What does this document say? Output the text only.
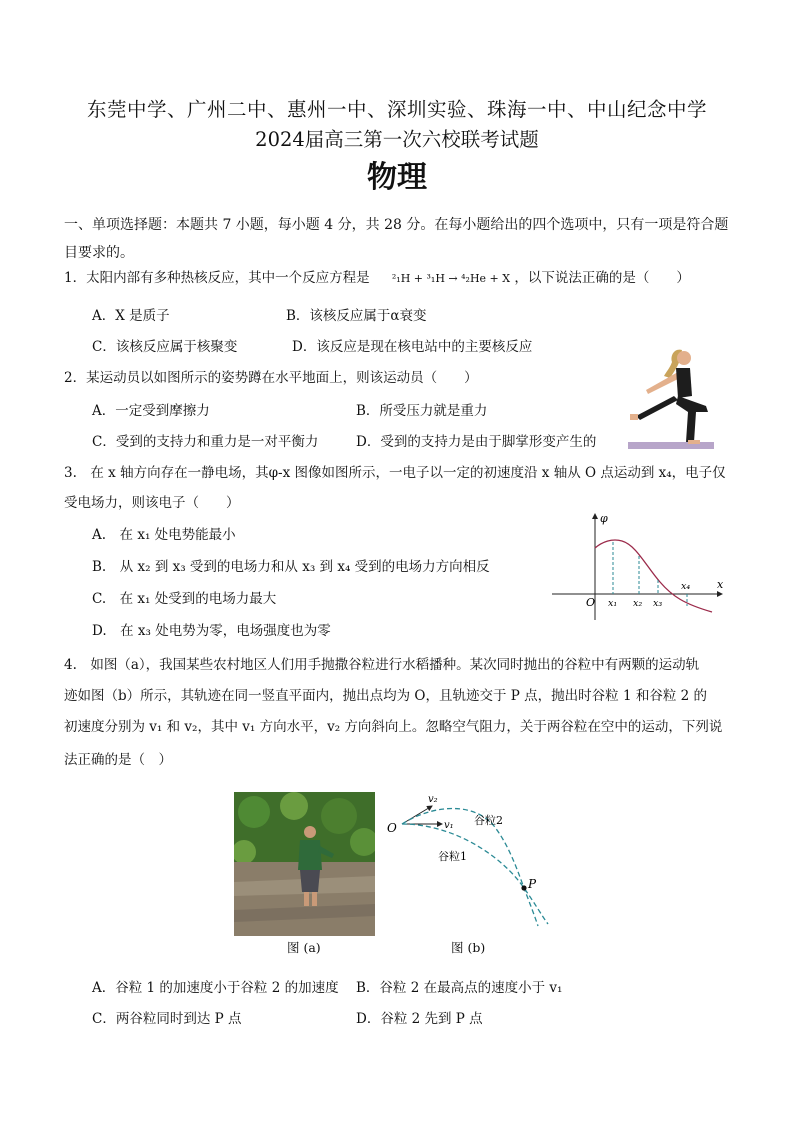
东莞中学、广州二中、惠州一中、深圳实验、珠海一中、中山纪念中学
2024届高三第一次六校联考试题
物理
一、单项选择题：本题共 7 小题，每小题 4 分，共 28 分。在每小题给出的四个选项中，只有一项是符合题目要求的。
1．太阳内部有多种热核反应，其中一个反应方程是 ²₁H + ³₁H → ⁴₂He + X ，以下说法正确的是（　　）
A．X 是质子	B．该核反应属于α衰变
C．该核反应属于核聚变	D．该反应是现在核电站中的主要核反应
2．某运动员以如图所示的姿势蹲在水平地面上，则该运动员（　　）
A．一定受到摩擦力	B．所受压力就是重力
C．受到的支持力和重力是一对平衡力	D．受到的支持力是由于脚掌形变产生的
3.　在 x 轴方向存在一静电场，其φ-x 图像如图所示，一电子以一定的初速度沿 x 轴从 O 点运动到 x₄，电子仅
受电场力，则该电子（　　）
A.　在 x₁ 处电势能最小
B.　从 x₂ 到 x₃ 受到的电场力和从 x₃ 到 x₄ 受到的电场力方向相反
C.　在 x₁ 处受到的电场力最大
D.　在 x₃ 处电势为零，电场强度也为零
φ
x
O x₁ x₂ x₃
x₄
4.　如图（a），我国某些农村地区人们用手抛撒谷粒进行水稻播种。某次同时抛出的谷粒中有两颗的运动轨
迹如图（b）所示，其轨迹在同一竖直平面内，抛出点均为 O，且轨迹交于 P 点，抛出时谷粒 1 和谷粒 2 的
初速度分别为 v₁ 和 v₂，其中 v₁ 方向水平，v₂ 方向斜向上。忽略空气阻力，关于两谷粒在空中的运动，下列说
法正确的是（　）
图 (a)
O
P
v₂
v₁ 谷粒2
谷粒1
图 (b)
A．谷粒 1 的加速度小于谷粒 2 的加速度 B．谷粒 2 在最高点的速度小于 v₁
C．两谷粒同时到达 P 点	D．谷粒 2 先到 P 点
